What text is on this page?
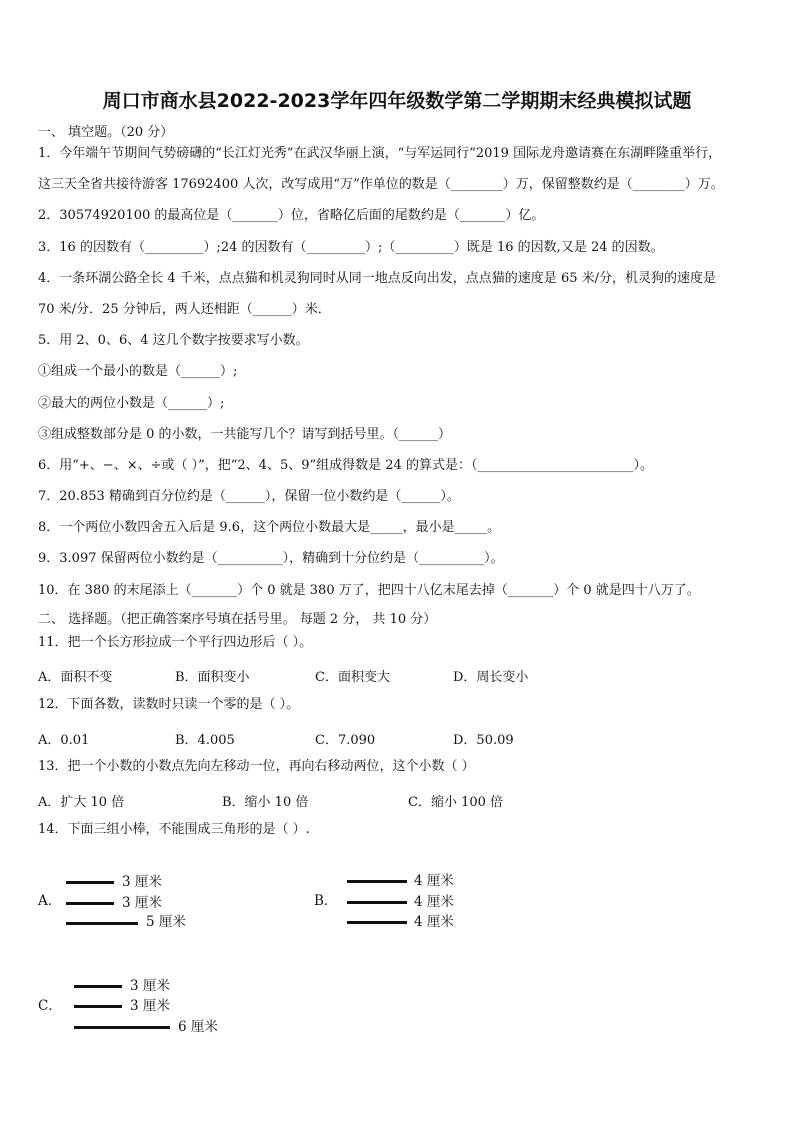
周口市商水县2022-2023学年四年级数学第二学期期末经典模拟试题
一、 填空题。（20 分）
1．今年端午节期间气势磅礴的“长江灯光秀”在武汉华丽上演，“与军运同行”2019 国际龙舟邀请赛在东湖畔隆重举行，
这三天全省共接待游客 17692400 人次，改写成用“万”作单位的数是（________）万，保留整数约是（________）万。
2．30574920100 的最高位是（_______）位，省略亿后面的尾数约是（_______）亿。
3．16 的因数有（_________）;24 的因数有（_________）;（_________）既是 16 的因数,又是 24 的因数。
4．一条环湖公路全长 4 千米，点点猫和机灵狗同时从同一地点反向出发，点点猫的速度是 65 米/分，机灵狗的速度是
70 米/分．25 分钟后，两人还相距（______）米．
5．用 2、0、6、4 这几个数字按要求写小数。
①组成一个最小的数是（______）;
②最大的两位小数是（______）;
③组成整数部分是 0 的小数，一共能写几个？请写到括号里。（______）
6．用“+、−、×、÷或（ ）”，把“2、4、5、9”组成得数是 24 的算式是：（________________________）。
7．20.853 精确到百分位约是（______），保留一位小数约是（______）。
8．一个两位小数四舍五入后是 9.6，这个两位小数最大是_____，最小是_____。
9．3.097 保留两位小数约是（__________），精确到十分位约是（__________）。
10．在 380 的末尾添上（_______）个 0 就是 380 万了，把四十八亿末尾去掉（_______）个 0 就是四十八万了。
二、 选择题。（把正确答案序号填在括号里。 每题 2 分， 共 10 分）
11．把一个长方形拉成一个平行四边形后（ ）。
A．面积不变	B．面积变小	C．面积变大	D．周长变小
12．下面各数，读数时只读一个零的是（ ）。
A．0.01	B．4.005	C．7.090	D．50.09
13．把一个小数的小数点先向左移动一位，再向右移动两位，这个小数（ ）
A．扩大 10 倍	B．缩小 10 倍	C．缩小 100 倍
14．下面三组小棒，不能围成三角形的是（ ）.
A．
3 厘米
3 厘米
5 厘米
B．
4 厘米
4 厘米
4 厘米
C．
3 厘米
3 厘米
6 厘米
